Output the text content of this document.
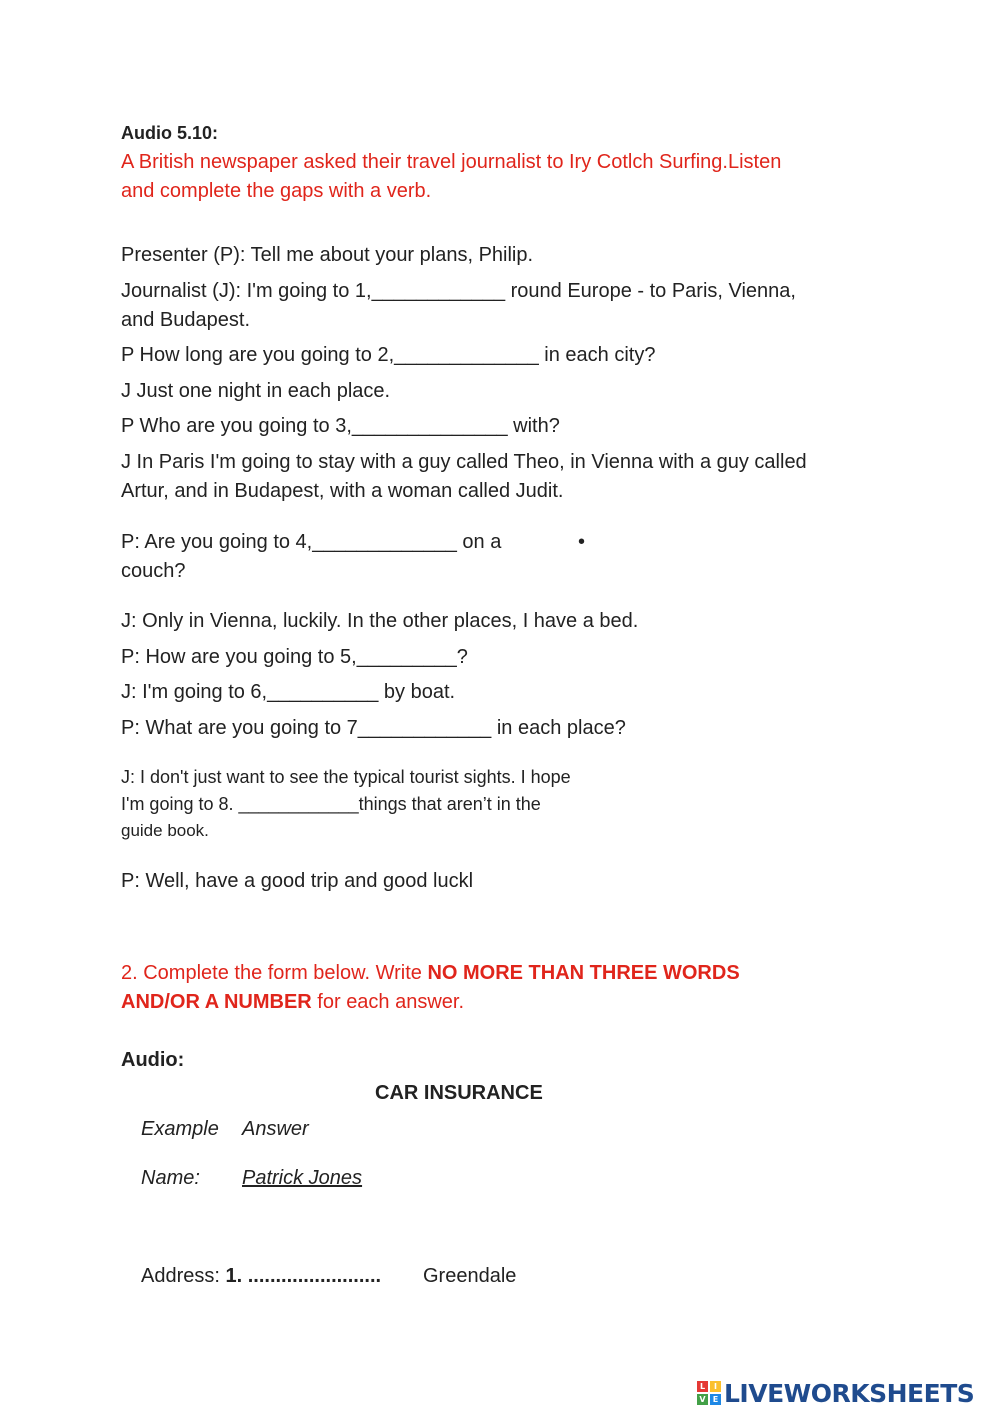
Audio 5.10:
A British newspaper asked their travel journalist to Iry Cotlch Surfing.Listen
and complete the gaps with a verb.
Presenter (P): Tell me about your plans, Philip.
Journalist (J): I'm going to 1,____________ round Europe - to Paris, Vienna,
and Budapest.
P How long are you going to 2,_____________ in each city?
J Just one night in each place.
P Who are you going to 3,______________ with?
J In Paris I'm going to stay with a guy called Theo, in Vienna with a guy called
Artur, and in Budapest, with a woman called Judit.
P: Are you going to 4,_____________ on a	•
couch?
J: Only in Vienna, luckily. In the other places, I have a bed.
P: How are you going to 5,_________?
J: I'm going to 6,__________ by boat.
P: What are you going to 7____________ in each place?
J: I don't just want to see the typical tourist sights. I hope
I'm going to 8. ____________things that aren’t in the
guide book.
P: Well, have a good trip and good luckl
2. Complete the form below. Write NO MORE THAN THREE WORDS
AND/OR A NUMBER for each answer.
Audio:
CAR INSURANCE
Example Answer
Name: Patrick Jones
Address: 1. ........................ Greendale
L	I
V E LIVEWORKSHEETS
